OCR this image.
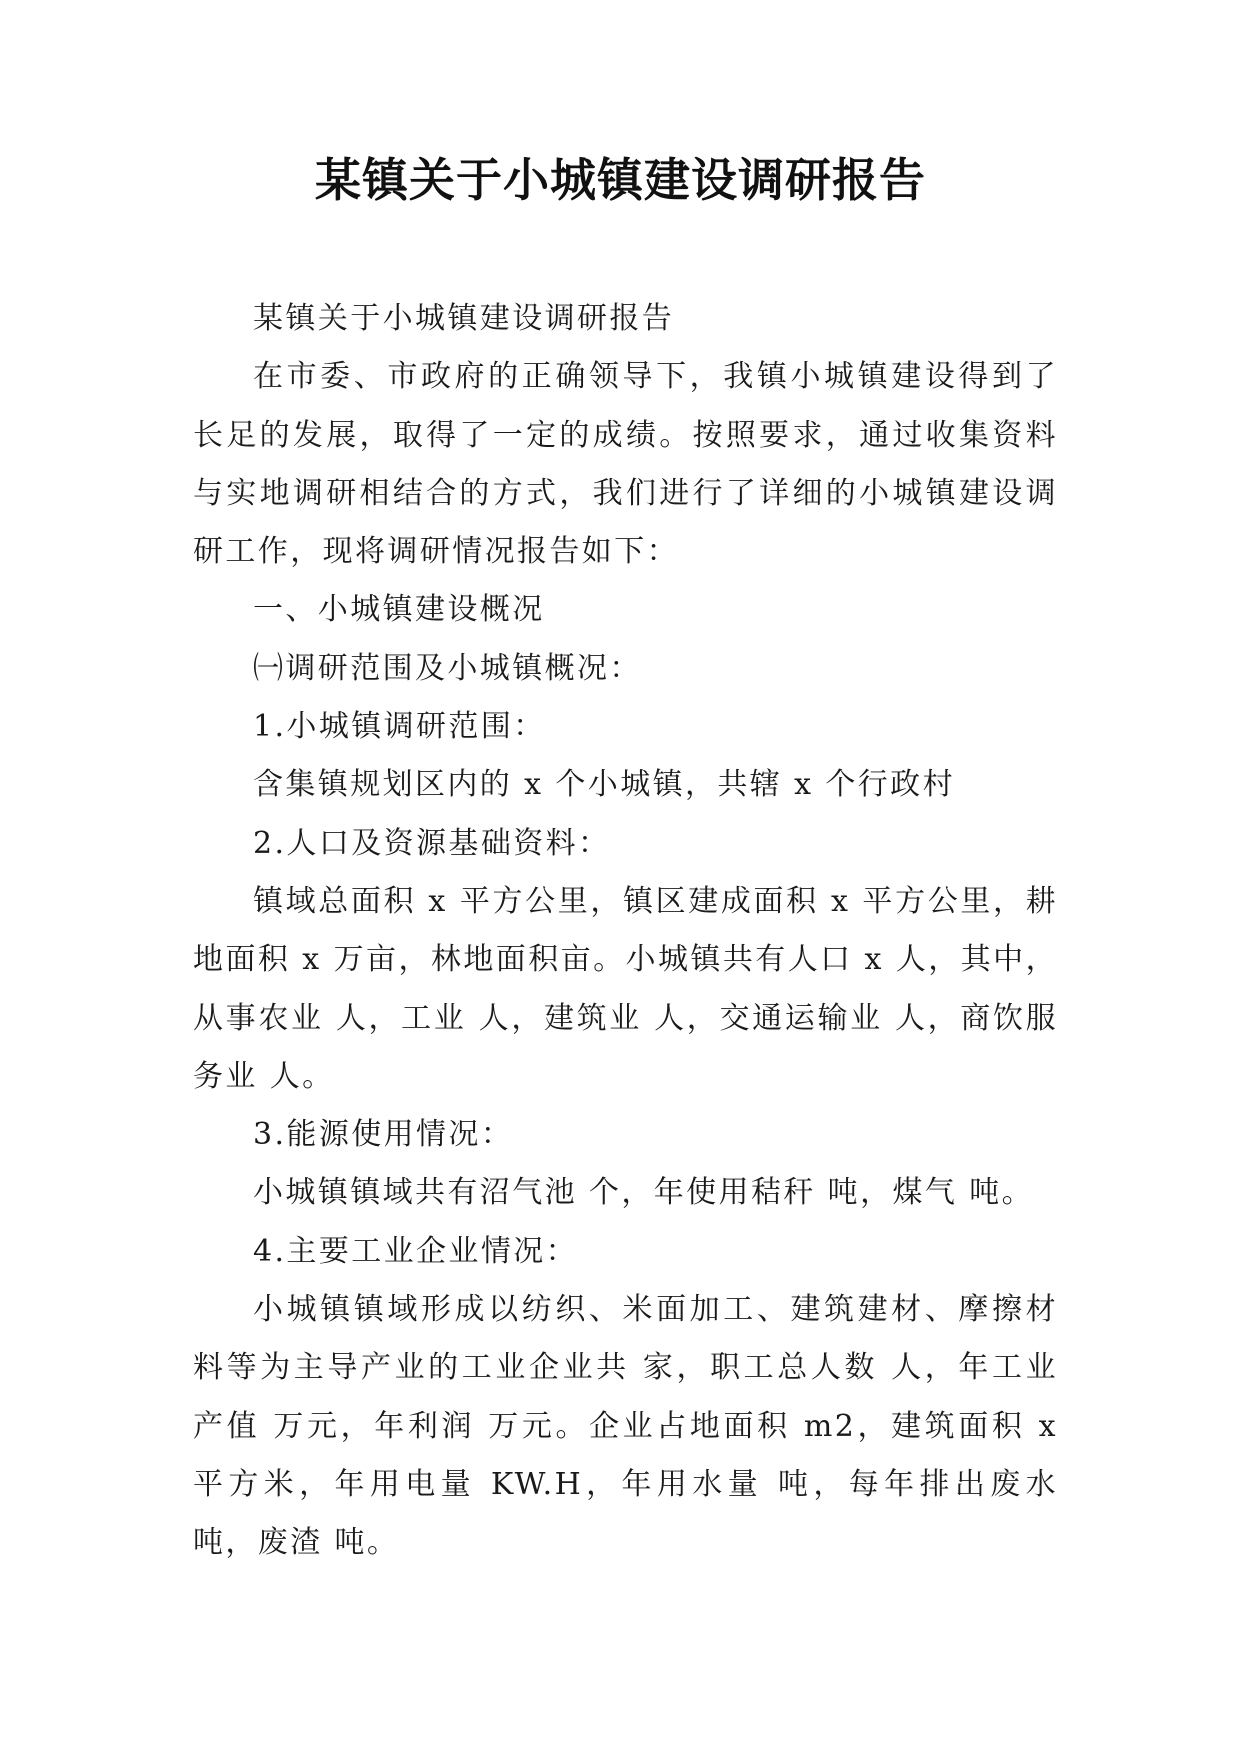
某镇关于小城镇建设调研报告

某镇关于小城镇建设调研报告

在市委、市政府的正确领导下，我镇小城镇建设得到了长足的发展，取得了一定的成绩。按照要求，通过收集资料与实地调研相结合的方式，我们进行了详细的小城镇建设调研工作，现将调研情况报告如下：

一、小城镇建设概况

㈠调研范围及小城镇概况：

1.小城镇调研范围：

含集镇规划区内的 x 个小城镇，共辖 x 个行政村

2.人口及资源基础资料：

镇域总面积 x 平方公里，镇区建成面积 x 平方公里，耕地面积 x 万亩，林地面积亩。小城镇共有人口 x 人，其中，从事农业 人，工业 人，建筑业 人，交通运输业 人，商饮服务业 人。

3.能源使用情况：

小城镇镇域共有沼气池 个，年使用秸秆 吨，煤气 吨。

4.主要工业企业情况：

小城镇镇域形成以纺织、米面加工、建筑建材、摩擦材料等为主导产业的工业企业共 家，职工总人数 人，年工业产值 万元，年利润 万元。企业占地面积 m2，建筑面积 x 平方米，年用电量 KW.H，年用水量 吨，每年排出废水 吨，废渣 吨。
